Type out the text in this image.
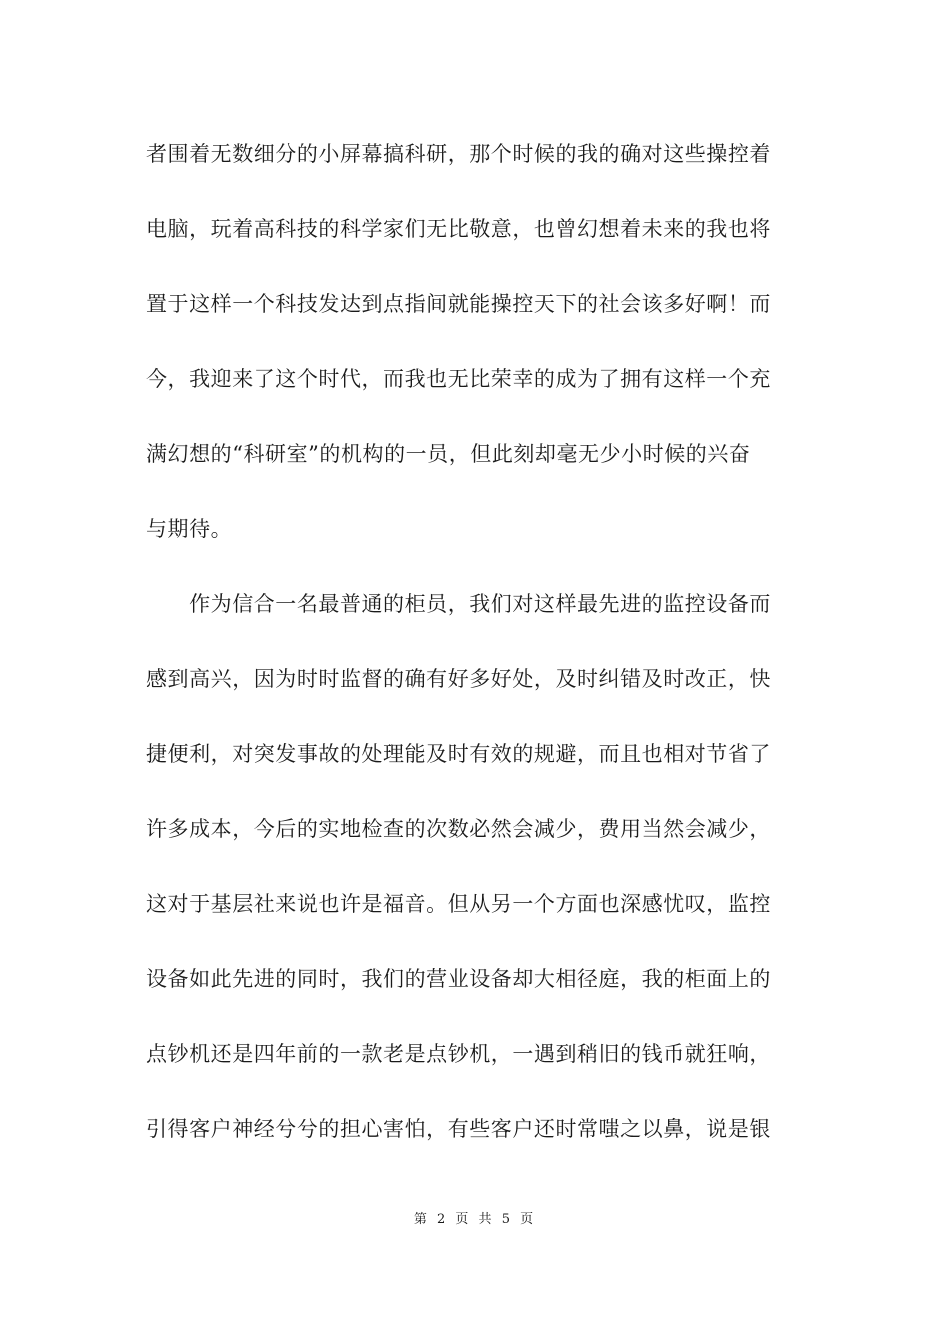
者围着无数细分的小屏幕搞科研，那个时候的我的确对这些操控着
电脑，玩着高科技的科学家们无比敬意，也曾幻想着未来的我也将
置于这样一个科技发达到点指间就能操控天下的社会该多好啊！而
今，我迎来了这个时代，而我也无比荣幸的成为了拥有这样一个充
满幻想的“科研室”的机构的一员，但此刻却毫无少小时候的兴奋
与期待。
　　作为信合一名最普通的柜员，我们对这样最先进的监控设备而
感到高兴，因为时时监督的确有好多好处，及时纠错及时改正，快
捷便利，对突发事故的处理能及时有效的规避，而且也相对节省了
许多成本，今后的实地检查的次数必然会减少，费用当然会减少，
这对于基层社来说也许是福音。但从另一个方面也深感忧叹，监控
设备如此先进的同时，我们的营业设备却大相径庭，我的柜面上的
点钞机还是四年前的一款老是点钞机，一遇到稍旧的钱币就狂响，
引得客户神经兮兮的担心害怕，有些客户还时常嗤之以鼻，说是银
第 2 页 共 5 页
